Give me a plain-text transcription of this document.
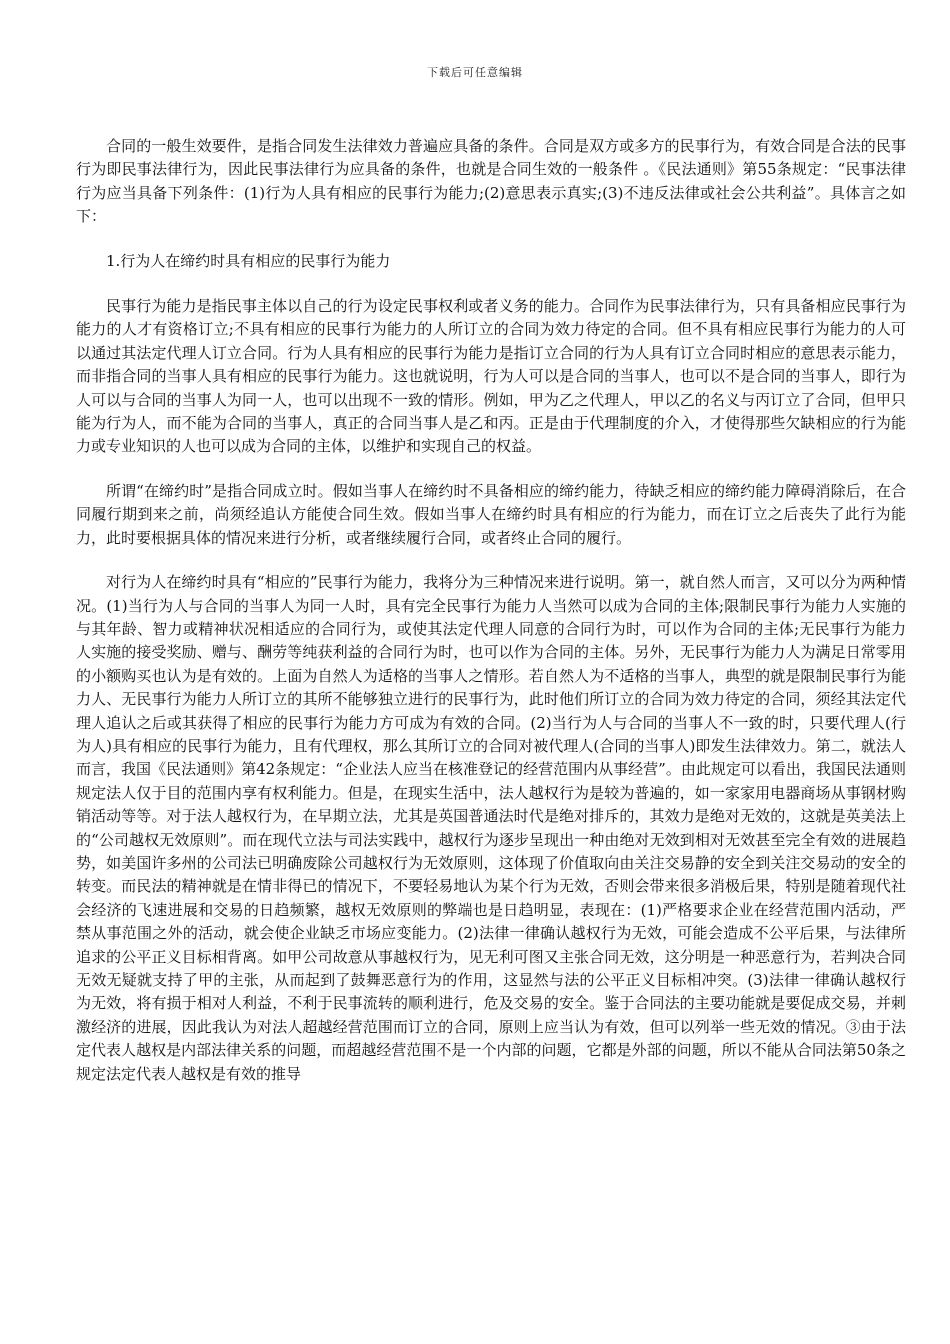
下载后可任意编辑

合同的一般生效要件，是指合同发生法律效力普遍应具备的条件。合同是双方或多方的民事行为，有效合同是合法的民事行为即民事法律行为，因此民事法律行为应具备的条件，也就是合同生效的一般条件 。《民法通则》第55条规定：“民事法律行为应当具备下列条件：(1)行为人具有相应的民事行为能力;(2)意思表示真实;(3)不违反法律或社会公共利益”。具体言之如下：

1.行为人在缔约时具有相应的民事行为能力

民事行为能力是指民事主体以自己的行为设定民事权利或者义务的能力。合同作为民事法律行为，只有具备相应民事行为能力的人才有资格订立;不具有相应的民事行为能力的人所订立的合同为效力待定的合同。但不具有相应民事行为能力的人可以通过其法定代理人订立合同。行为人具有相应的民事行为能力是指订立合同的行为人具有订立合同时相应的意思表示能力，而非指合同的当事人具有相应的民事行为能力。这也就说明，行为人可以是合同的当事人，也可以不是合同的当事人，即行为人可以与合同的当事人为同一人，也可以出现不一致的情形。例如，甲为乙之代理人，甲以乙的名义与丙订立了合同，但甲只能为行为人，而不能为合同的当事人，真正的合同当事人是乙和丙。正是由于代理制度的介入，才使得那些欠缺相应的行为能力或专业知识的人也可以成为合同的主体，以维护和实现自己的权益。

所谓“在缔约时”是指合同成立时。假如当事人在缔约时不具备相应的缔约能力，待缺乏相应的缔约能力障碍消除后，在合同履行期到来之前，尚须经追认方能使合同生效。假如当事人在缔约时具有相应的行为能力，而在订立之后丧失了此行为能力，此时要根据具体的情况来进行分析，或者继续履行合同，或者终止合同的履行。

对行为人在缔约时具有“相应的”民事行为能力，我将分为三种情况来进行说明。第一，就自然人而言，又可以分为两种情况。(1)当行为人与合同的当事人为同一人时，具有完全民事行为能力人当然可以成为合同的主体;限制民事行为能力人实施的与其年龄、智力或精神状况相适应的合同行为，或使其法定代理人同意的合同行为时，可以作为合同的主体;无民事行为能力人实施的接受奖励、赠与、酬劳等纯获利益的合同行为时，也可以作为合同的主体。另外，无民事行为能力人为满足日常零用的小额购买也认为是有效的。上面为自然人为适格的当事人之情形。若自然人为不适格的当事人，典型的就是限制民事行为能力人、无民事行为能力人所订立的其所不能够独立进行的民事行为，此时他们所订立的合同为效力待定的合同，须经其法定代理人追认之后或其获得了相应的民事行为能力方可成为有效的合同。(2)当行为人与合同的当事人不一致的时，只要代理人(行为人)具有相应的民事行为能力，且有代理权，那么其所订立的合同对被代理人(合同的当事人)即发生法律效力。第二，就法人而言，我国《民法通则》第42条规定：“企业法人应当在核准登记的经营范围内从事经营”。由此规定可以看出，我国民法通则规定法人仅于目的范围内享有权利能力。但是，在现实生活中，法人越权行为是较为普遍的，如一家家用电器商场从事钢材购销活动等等。对于法人越权行为，在早期立法，尤其是英国普通法时代是绝对排斥的，其效力是绝对无效的，这就是英美法上的“公司越权无效原则”。而在现代立法与司法实践中，越权行为逐步呈现出一种由绝对无效到相对无效甚至完全有效的进展趋势，如美国许多州的公司法已明确废除公司越权行为无效原则，这体现了价值取向由关注交易静的安全到关注交易动的安全的转变。而民法的精神就是在情非得已的情况下，不要轻易地认为某个行为无效，否则会带来很多消极后果，特别是随着现代社会经济的飞速进展和交易的日趋频繁，越权无效原则的弊端也是日趋明显，表现在：(1)严格要求企业在经营范围内活动，严禁从事范围之外的活动，就会使企业缺乏市场应变能力。(2)法律一律确认越权行为无效，可能会造成不公平后果，与法律所追求的公平正义目标相背离。如甲公司故意从事越权行为，见无利可图又主张合同无效，这分明是一种恶意行为，若判决合同无效无疑就支持了甲的主张，从而起到了鼓舞恶意行为的作用，这显然与法的公平正义目标相冲突。(3)法律一律确认越权行为无效，将有损于相对人利益，不利于民事流转的顺利进行，危及交易的安全。鉴于合同法的主要功能就是要促成交易，并刺激经济的进展，因此我认为对法人超越经营范围而订立的合同，原则上应当认为有效，但可以列举一些无效的情况。③由于法定代表人越权是内部法律关系的问题，而超越经营范围不是一个内部的问题，它都是外部的问题，所以不能从合同法第50条之规定法定代表人越权是有效的推导
